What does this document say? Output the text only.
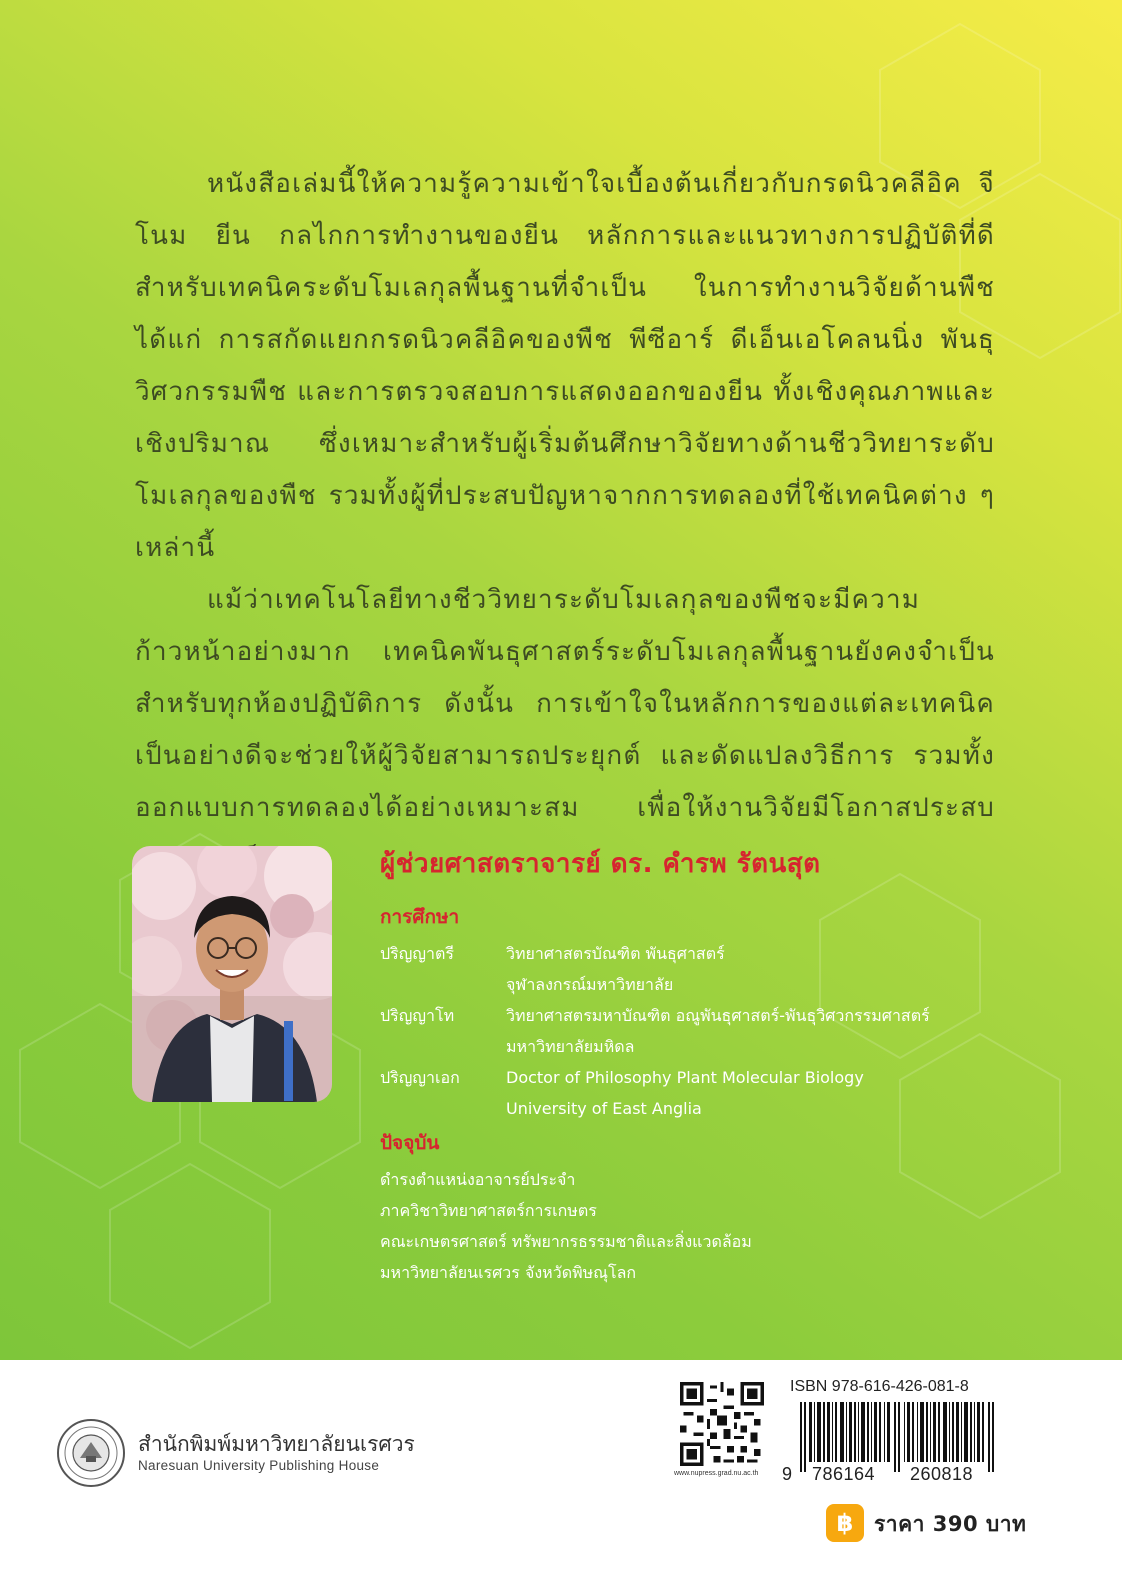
หนังสือเล่มนี้ให้ความรู้ความเข้าใจเบื้องต้นเกี่ยวกับกรดนิวคลีอิค จีโนม ยีน กลไกการทำงานของยีน หลักการและแนวทางการปฏิบัติที่ดี สำหรับเทคนิคระดับโมเลกุลพื้นฐานที่จำเป็น ในการทำงานวิจัยด้านพืช ได้แก่ การสกัดแยกกรดนิวคลีอิคของพืช พีซีอาร์ ดีเอ็นเอโคลนนิ่ง พันธุวิศวกรรมพืช และการตรวจสอบการแสดงออกของยีน ทั้งเชิงคุณภาพและเชิงปริมาณ ซึ่งเหมาะสำหรับผู้เริ่มต้นศึกษาวิจัยทางด้านชีววิทยาระดับโมเลกุลของพืช รวมทั้งผู้ที่ประสบปัญหาจากการทดลองที่ใช้เทคนิคต่าง ๆ เหล่านี้

แม้ว่าเทคโนโลยีทางชีววิทยาระดับโมเลกุลของพืชจะมีความก้าวหน้าอย่างมาก เทคนิคพันธุศาสตร์ระดับโมเลกุลพื้นฐานยังคงจำเป็นสำหรับทุกห้องปฏิบัติการ ดังนั้น การเข้าใจในหลักการของแต่ละเทคนิคเป็นอย่างดีจะช่วยให้ผู้วิจัยสามารถประยุกต์ และดัดแปลงวิธีการ รวมทั้งออกแบบการทดลองได้อย่างเหมาะสม เพื่อให้งานวิจัยมีโอกาสประสบ

ผู้ช่วยศาสตราจารย์ ดร. คำรพ รัตนสุต
การศึกษา
ปริญญาตรี	วิทยาศาสตรบัณฑิต พันธุศาสตร์
จุฬาลงกรณ์มหาวิทยาลัย
ปริญญาโท	วิทยาศาสตรมหาบัณฑิต อณูพันธุศาสตร์-พันธุวิศวกรรมศาสตร์
มหาวิทยาลัยมหิดล
ปริญญาเอก	Doctor of Philosophy Plant Molecular Biology
University of East Anglia
ปัจจุบัน
ดำรงตำแหน่งอาจารย์ประจำ
ภาควิชาวิทยาศาสตร์การเกษตร
คณะเกษตรศาสตร์ ทรัพยากรธรรมชาติและสิ่งแวดล้อม
มหาวิทยาลัยนเรศวร จังหวัดพิษณุโลก
สำนักพิมพ์มหาวิทยาลัยนเรศวร
Naresuan University Publishing House
www.nupress.grad.nu.ac.th
ISBN 978-616-426-081-8
9 786164 260818
฿ ราคา 390 บาท
